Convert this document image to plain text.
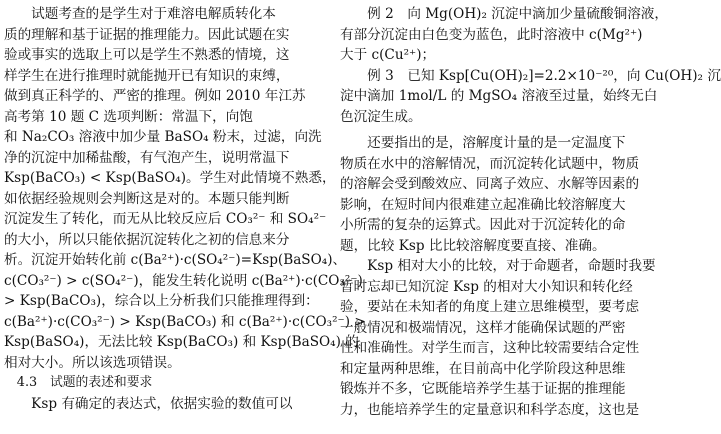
　　试题考查的是学生对于难溶电解质转化本
质的理解和基于证据的推理能力。因此试题在实
验或事实的选取上可以是学生不熟悉的情境，这
样学生在进行推理时就能抛开已有知识的束缚，
做到真正科学的、严密的推理。例如 2010 年江苏
高考第 10 题 C 选项判断：常温下，向饱
和 Na₂CO₃ 溶液中加少量 BaSO₄ 粉末，过滤，向洗
净的沉淀中加稀盐酸，有气泡产生，说明常温下
Ksp(BaCO₃) < Ksp(BaSO₄)。学生对此情境不熟悉，
如依据经验规则会判断这是对的。本题只能判断
沉淀发生了转化，而无从比较反应后 CO₃²⁻ 和 SO₄²⁻
的大小，所以只能依据沉淀转化之初的信息来分
析。沉淀开始转化前 c(Ba²⁺)·c(SO₄²⁻)=Ksp(BaSO₄)、
c(CO₃²⁻) > c(SO₄²⁻)，能发生转化说明 c(Ba²⁺)·c(CO₃²⁻)
> Ksp(BaCO₃)，综合以上分析我们只能推理得到：
c(Ba²⁺)·c(CO₃²⁻) > Ksp(BaCO₃) 和 c(Ba²⁺)·c(CO₃²⁻) >
Ksp(BaSO₄)，无法比较 Ksp(BaCO₃) 和 Ksp(BaSO₄) 的
相对大小。所以该选项错误。
　4.3　试题的表述和要求
　　Ksp 有确定的表达式，依据实验的数值可以
　　例 2　向 Mg(OH)₂ 沉淀中滴加少量硫酸铜溶液，
有部分沉淀由白色变为蓝色，此时溶液中 c(Mg²⁺)
大于 c(Cu²⁺)；
　　例 3　已知 Ksp[Cu(OH)₂]=2.2×10⁻²⁰，向 Cu(OH)₂ 沉
淀中滴加 1mol/L 的 MgSO₄ 溶液至过量，始终无白
色沉淀生成。
　　还要指出的是，溶解度计量的是一定温度下
物质在水中的溶解情况，而沉淀转化试题中，物质
的溶解会受到酸效应、同离子效应、水解等因素的
影响，在短时间内很难建立起准确比较溶解度大
小所需的复杂的运算式。因此对于沉淀转化的命
题，比较 Ksp 比比较溶解度要直接、准确。
　　Ksp 相对大小的比较，对于命题者，命题时我要
暂时忘却已知沉淀 Ksp 的相对大小知识和转化经
验，要站在未知者的角度上建立思维模型，要考虑
一般情况和极端情况，这样才能确保试题的严密
性和准确性。对学生而言，这种比较需要结合定性
和定量两种思维，在目前高中化学阶段这种思维
锻炼并不多，它既能培养学生基于证据的推理能
力，也能培养学生的定量意识和科学态度，这也是
